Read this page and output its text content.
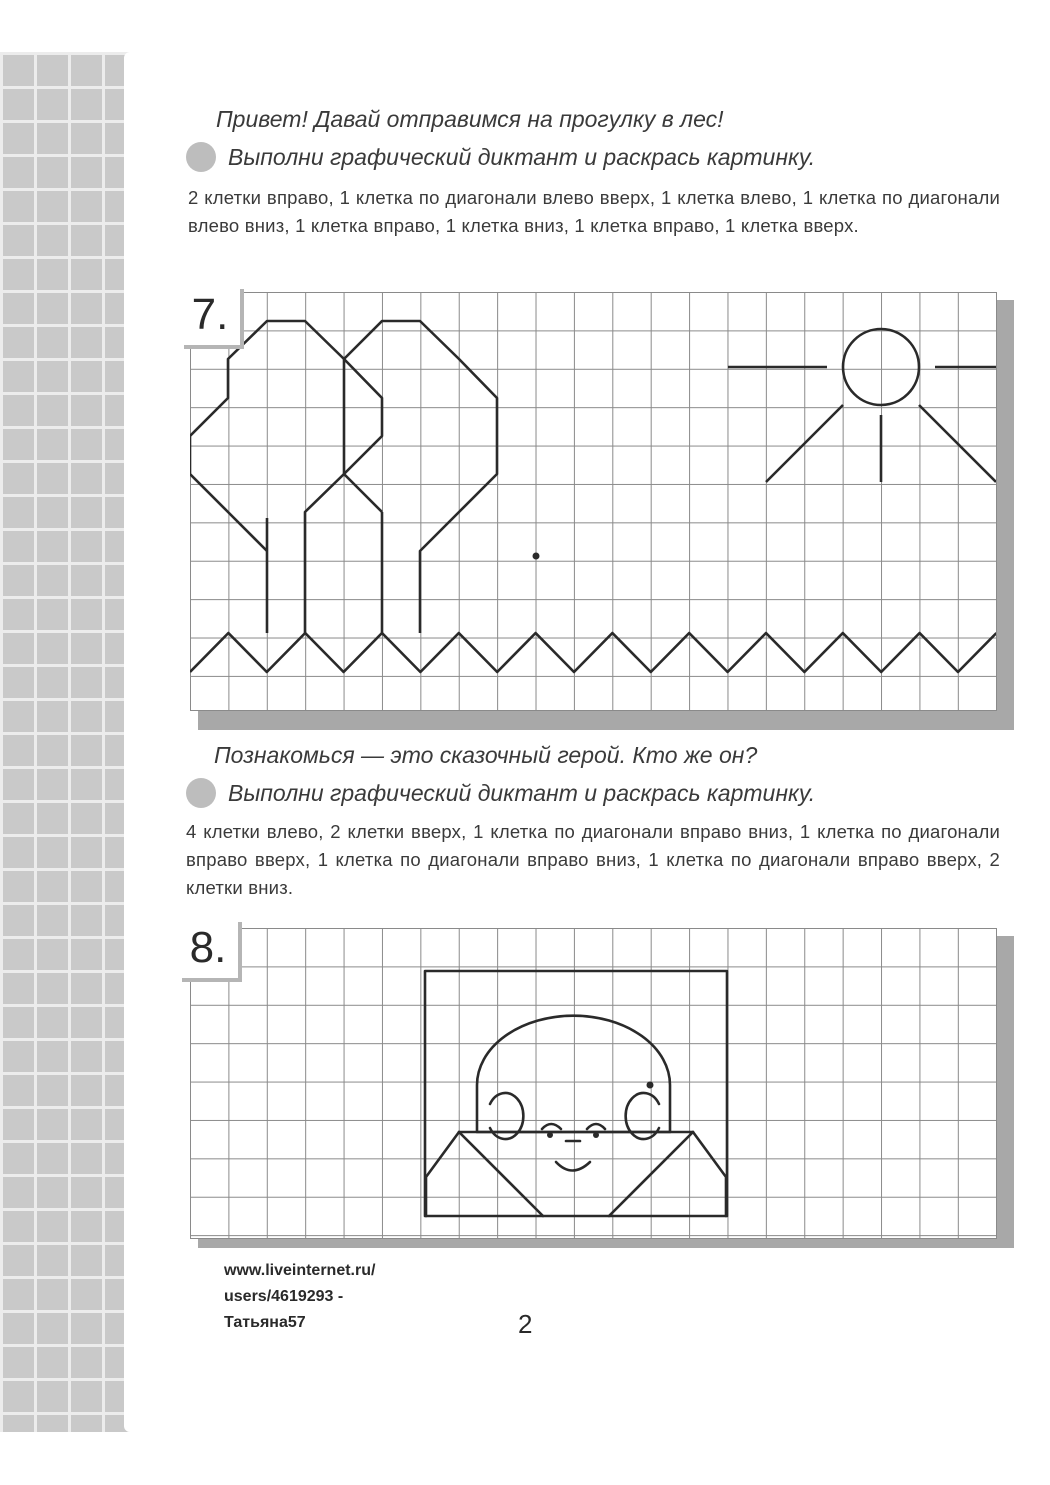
Привет! Давай отправимся на прогулку в лес!
Выполни графический диктант и раскрась картинку.
2 клетки вправо, 1 клетка по диагонали влево вверх, 1 клетка влево, 1 клетка по диагонали влево вниз, 1 клетка вправо, 1 клетка вниз, 1 клетка вправо, 1 клетка вверх.
7.
Познакомься — это сказочный герой. Кто же он?
Выполни графический диктант и раскрась картинку.
4 клетки влево, 2 клетки вверх, 1 клетка по диагонали вправо вниз, 1 клетка по диагонали вправо вверх, 1 клетка по диагонали вправо вниз, 1 клетка по диагонали вправо вверх, 2 клетки вниз.
8.
www.liveinternet.ru/
users/4619293 -
Татьяна57	2
